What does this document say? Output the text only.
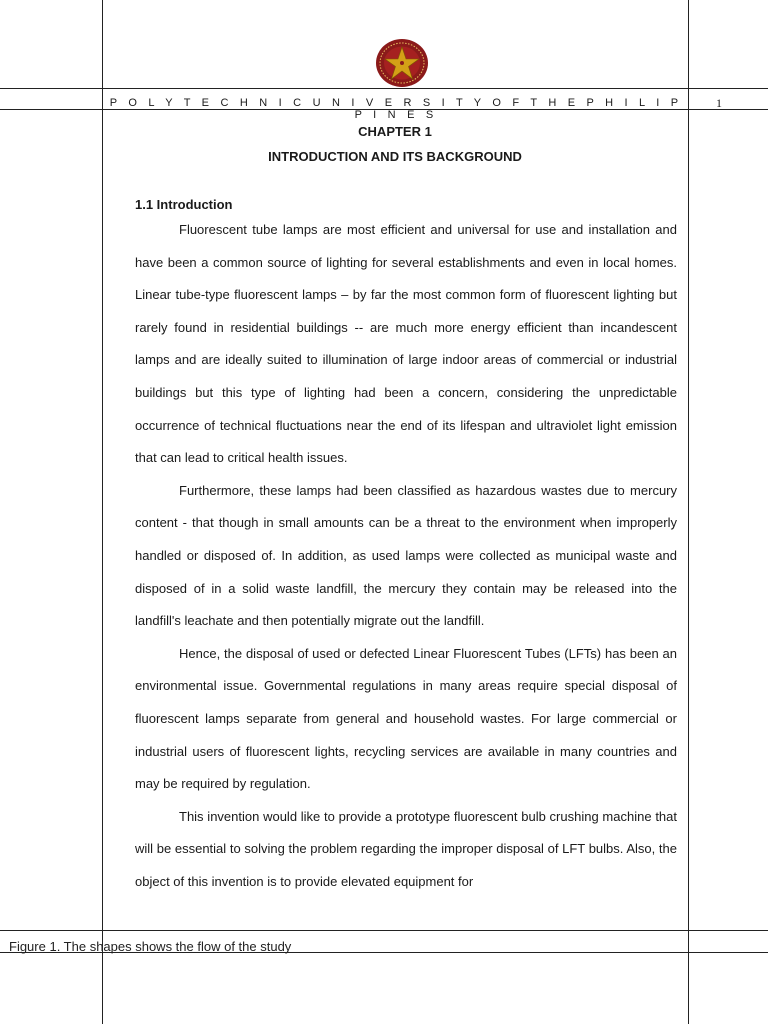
P O L Y T E C H N I C U N I V E R S I T Y O F T H E P H I L I P P I N E S
1
CHAPTER 1
INTRODUCTION AND ITS BACKGROUND
1.1 Introduction

Fluorescent tube lamps are most efficient and universal for use and installation and have been a common source of lighting for several establishments and even in local homes. Linear tube-type fluorescent lamps – by far the most common form of fluorescent lighting but rarely found in residential buildings -- are much more energy efficient than incandescent lamps and are ideally suited to illumination of large indoor areas of commercial or industrial buildings but this type of lighting had been a concern, considering the unpredictable occurrence of technical fluctuations near the end of its lifespan and ultraviolet light emission that can lead to critical health issues.

Furthermore, these lamps had been classified as hazardous wastes due to mercury content - that though in small amounts can be a threat to the environment when improperly handled or disposed of. In addition, as used lamps were collected as municipal waste and disposed of in a solid waste landfill, the mercury they contain may be released into the landfill's leachate and then potentially migrate out the landfill.

Hence, the disposal of used or defected Linear Fluorescent Tubes (LFTs) has been an environmental issue. Governmental regulations in many areas require special disposal of fluorescent lamps separate from general and household wastes. For large commercial or industrial users of fluorescent lights, recycling services are available in many countries and may be required by regulation.

This invention would like to provide a prototype fluorescent bulb crushing machine that will be essential to solving the problem regarding the improper disposal of LFT bulbs. Also, the object of this invention is to provide elevated equipment for

Figure 1. The shapes shows the flow of the study
